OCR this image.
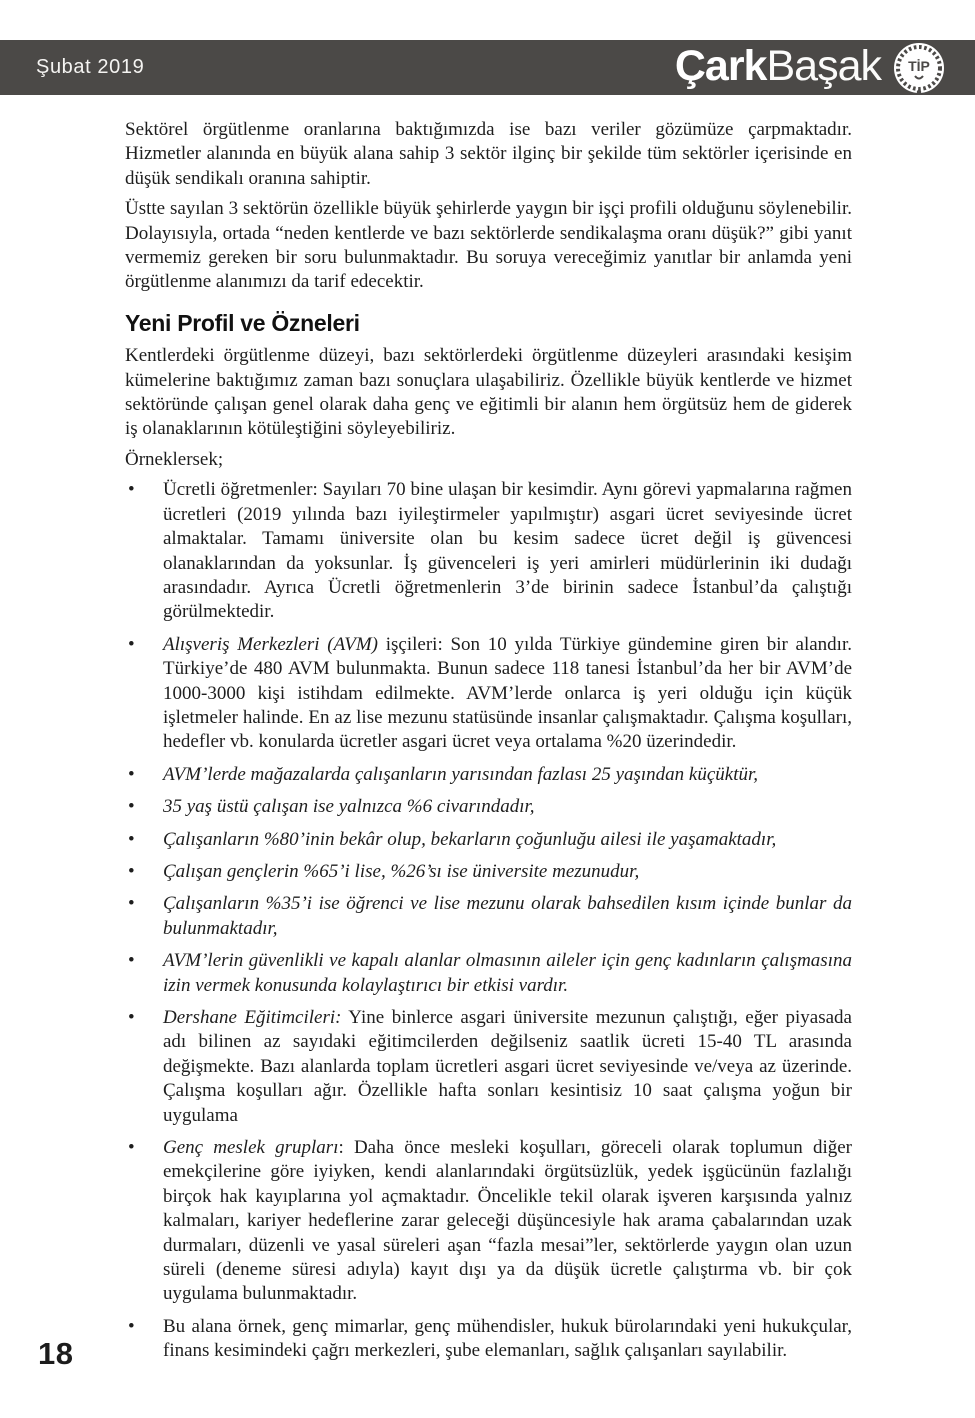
Şubat 2019	ÇarkBaşak TİP

Sektörel örgütlenme oranlarına baktığımızda ise bazı veriler gözümüze çarpmaktadır. Hizmetler alanında en büyük alana sahip 3 sektör ilginç bir şekilde tüm sektörler içerisinde en düşük sendikalı oranına sahiptir.

Üstte sayılan 3 sektörün özellikle büyük şehirlerde yaygın bir işçi profili olduğunu söylenebilir. Dolayısıyla, ortada “neden kentlerde ve bazı sektörlerde sendikalaşma oranı düşük?” gibi yanıt vermemiz gereken bir soru bulunmaktadır. Bu soruya vereceğimiz yanıtlar bir anlamda yeni örgütlenme alanımızı da tarif edecektir.

Yeni Profil ve Özneleri

Kentlerdeki örgütlenme düzeyi, bazı sektörlerdeki örgütlenme düzeyleri arasındaki kesişim kümelerine baktığımız zaman bazı sonuçlara ulaşabiliriz. Özellikle büyük kentlerde ve hizmet sektöründe çalışan genel olarak daha genç ve eğitimli bir alanın hem örgütsüz hem de giderek iş olanaklarının kötüleştiğini söyleyebiliriz.

Örneklersek;

• Ücretli öğretmenler: Sayıları 70 bine ulaşan bir kesimdir. Aynı görevi yapmalarına rağmen ücretleri (2019 yılında bazı iyileştirmeler yapılmıştır) asgari ücret seviyesinde ücret almaktalar. Tamamı üniversite olan bu kesim sadece ücret değil iş güvencesi olanaklarından da yoksunlar. İş güvenceleri iş yeri amirleri müdürlerinin iki dudağı arasındadır. Ayrıca Ücretli öğretmenlerin 3’de birinin sadece İstanbul’da çalıştığı görülmektedir.
• Alışveriş Merkezleri (AVM) işçileri: Son 10 yılda Türkiye gündemine giren bir alandır. Türkiye’de 480 AVM bulunmakta. Bunun sadece 118 tanesi İstanbul’da her bir AVM’de 1000-3000 kişi istihdam edilmekte. AVM’lerde onlarca iş yeri olduğu için küçük işletmeler halinde. En az lise mezunu statüsünde insanlar çalışmaktadır. Çalışma koşulları, hedefler vb. konularda ücretler asgari ücret veya ortalama %20 üzerindedir.
• AVM’lerde mağazalarda çalışanların yarısından fazlası 25 yaşından küçüktür,
• 35 yaş üstü çalışan ise yalnızca %6 civarındadır,
• Çalışanların %80’inin bekâr olup, bekarların çoğunluğu ailesi ile yaşamaktadır,
• Çalışan gençlerin %65’i lise, %26’sı ise üniversite mezunudur,
• Çalışanların %35’i ise öğrenci ve lise mezunu olarak bahsedilen kısım içinde bunlar da bulunmaktadır,
• AVM’lerin güvenlikli ve kapalı alanlar olmasının aileler için genç kadınların çalışmasına izin vermek konusunda kolaylaştırıcı bir etkisi vardır.
• Dershane Eğitimcileri: Yine binlerce asgari üniversite mezunun çalıştığı, eğer piyasada adı bilinen az sayıdaki eğitimcilerden değilseniz saatlik ücreti 15-40 TL arasında değişmekte. Bazı alanlarda toplam ücretleri asgari ücret seviyesinde ve/veya az üzerinde. Çalışma koşulları ağır. Özellikle hafta sonları kesintisiz 10 saat çalışma yoğun bir uygulama
• Genç meslek grupları: Daha önce mesleki koşulları, göreceli olarak toplumun diğer emekçilerine göre iyiyken, kendi alanlarındaki örgütsüzlük, yedek işgücünün fazlalığı birçok hak kayıplarına yol açmaktadır. Öncelikle tekil olarak işveren karşısında yalnız kalmaları, kariyer hedeflerine zarar geleceği düşüncesiyle hak arama çabalarından uzak durmaları, düzenli ve yasal süreleri aşan “fazla mesai”ler, sektörlerde yaygın olan uzun süreli (deneme süresi adıyla) kayıt dışı ya da düşük ücretle çalıştırma vb. bir çok uygulama bulunmaktadır.
• Bu alana örnek, genç mimarlar, genç mühendisler, hukuk bürolarındaki yeni hukukçular, finans kesimindeki çağrı merkezleri, şube elemanları, sağlık çalışanları sayılabilir.
18
